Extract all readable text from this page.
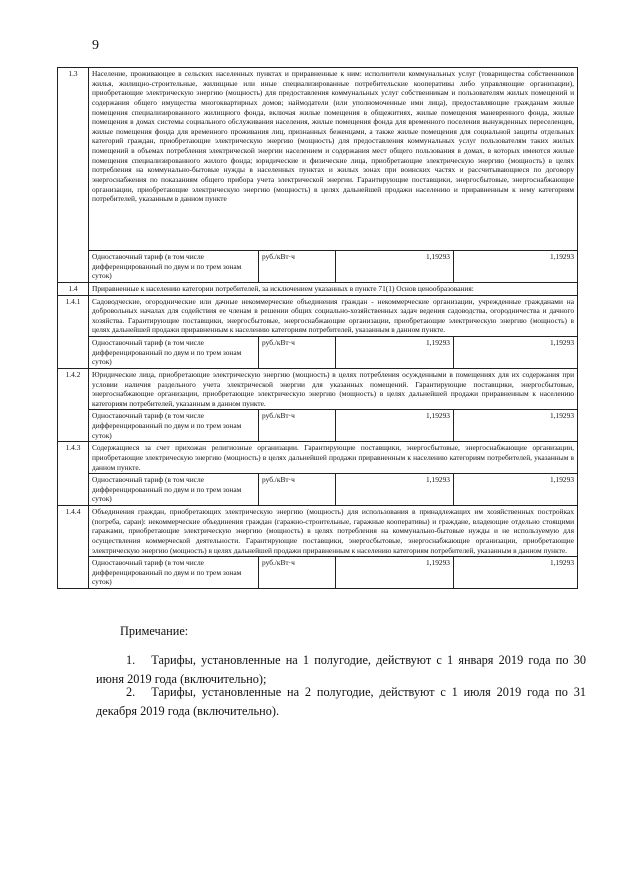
9
1.3	Население, проживающее в сельских населенных пунктах и приравненные к ним: исполнители коммунальных услуг (товарищества собственников жилья, жилищно-строительные, жилищные или иные специализированные потребительские кооперативы либо управляющие организации), приобретающие электрическую энергию (мощность) для предоставления коммунальных услуг собственникам и пользователям жилых помещений и содержания общего имущества многоквартирных домов; наймодатели (или уполномоченные ими лица), предоставляющие гражданам жилые помещения специализированного жилищного фонда, включая жилые помещения в общежитиях, жилые помещения маневренного фонда, жилые помещения в домах системы социального обслуживания населения, жилые помещения фонда для временного поселения вынужденных переселенцев, жилые помещения фонда для временного проживания лиц, признанных беженцами, а также жилые помещения для социальной защиты отдельных категорий граждан, приобретающие электрическую энергию (мощность) для предоставления коммунальных услуг пользователям таких жилых помещений в объемах потребления электрической энергии населением и содержания мест общего пользования в домах, в которых имеются жилые помещения специализированного жилого фонда; юридические и физические лица, приобретающие электрическую энергию (мощность) в целях потребления на коммунально-бытовые нужды в населенных пунктах и жилых зонах при воинских частях и рассчитывающиеся по договору энергоснабжения по показаниям общего прибора учета электрической энергии. Гарантирующие поставщики, энергосбытовые, энергоснабжающие организации, приобретающие электрическую энергию (мощность) в целях дальнейшей продажи населению и приравненным к нему категориям потребителей, указанным в данном пункте			
	Одноставочный тариф (в том числе дифференцированный по двум и по трем зонам суток)	руб./кВт·ч	1,19293	1,19293
1.4	Приравненные к населению категории потребителей, за исключением указанных в пункте 71(1) Основ ценообразования:			
1.4.1	Садоводческие, огороднические или дачные некоммерческие объединения граждан - некоммерческие организации, учрежденные гражданами на добровольных началах для содействия ее членам в решении общих социально-хозяйственных задач ведения садоводства, огородничества и дачного хозяйства. Гарантирующие поставщики, энергосбытовые, энергоснабжающие организации, приобретающие электрическую энергию (мощность) в целях дальнейшей продажи приравненным к населению категориям потребителей, указанным в данном пункте.			
	Одноставочный тариф (в том числе дифференцированный по двум и по трем зонам суток)	руб./кВт·ч	1,19293	1,19293
1.4.2	Юридические лица, приобретающие электрическую энергию (мощность) в целях потребления осужденными в помещениях для их содержания при условии наличия раздельного учета электрической энергии для указанных помещений. Гарантирующие поставщики, энергосбытовые, энергоснабжающие организации, приобретающие электрическую энергию (мощность) в целях дальнейшей продажи приравненным к населению категориям потребителей, указанным в данном пункте.			
	Одноставочный тариф (в том числе дифференцированный по двум и по трем зонам суток)	руб./кВт·ч	1,19293	1,19293
1.4.3	Содержащиеся за счет прихожан религиозные организации. Гарантирующие поставщики, энергосбытовые, энергоснабжающие организации, приобретающие электрическую энергию (мощность) в целях дальнейшей продажи приравненным к населению категориям потребителей, указанным в данном пункте.			
	Одноставочный тариф (в том числе дифференцированный по двум и по трем зонам суток)	руб./кВт·ч	1,19293	1,19293
1.4.4	Объединения граждан, приобретающих электрическую энергию (мощность) для использования в принадлежащих им хозяйственных постройках (погреба, сараи): некоммерческие объединения граждан (гаражно-строительные, гаражные кооперативы) и граждане, владеющие отдельно стоящими гаражами, приобретающие электрическую энергию (мощность) в целях потребления на коммунально-бытовые нужды и не используемую для осуществления коммерческой деятельности. Гарантирующие поставщики, энергосбытовые, энергоснабжающие организации, приобретающие электрическую энергию (мощность) в целях дальнейшей продажи приравненным к населению категориям потребителей, указанным в данном пункте.			
	Одноставочный тариф (в том числе дифференцированный по двум и по трем зонам суток)	руб./кВт·ч	1,19293	1,19293
Примечание:
1. Тарифы, установленные на 1 полугодие, действуют с 1 января 2019 года по 30 июня 2019 года (включительно);
2. Тарифы, установленные на 2 полугодие, действуют с 1 июля 2019 года по 31 декабря 2019 года (включительно).
